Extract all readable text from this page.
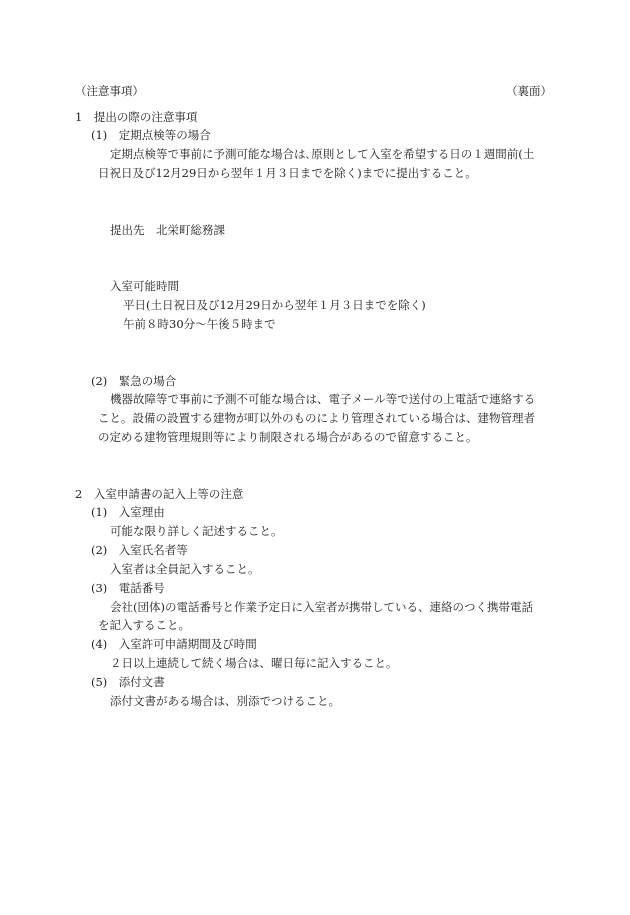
（注意事項）	（裏面）
1　提出の際の注意事項
(1)　定期点検等の場合
定期点検等で事前に予測可能な場合は､原則として入室を希望する日の１週間前(土
日祝日及び12月29日から翌年１月３日までを除く)までに提出すること。
提出先　北栄町総務課
入室可能時間
平日(土日祝日及び12月29日から翌年１月３日までを除く)
午前８時30分～午後５時まで
(2)　緊急の場合
機器故障等で事前に予測不可能な場合は、電子メール等で送付の上電話で連絡する
こと。設備の設置する建物が町以外のものにより管理されている場合は、建物管理者
の定める建物管理規則等により制限される場合があるので留意すること。
2　入室申請書の記入上等の注意
(1)　入室理由
可能な限り詳しく記述すること。
(2)　入室氏名者等
入室者は全員記入すること。
(3)　電話番号
会社(団体)の電話番号と作業予定日に入室者が携帯している、連絡のつく携帯電話
を記入すること。
(4)　入室許可申請期間及び時間
２日以上連続して続く場合は、曜日毎に記入すること。
(5)　添付文書
添付文書がある場合は、別添でつけること。
